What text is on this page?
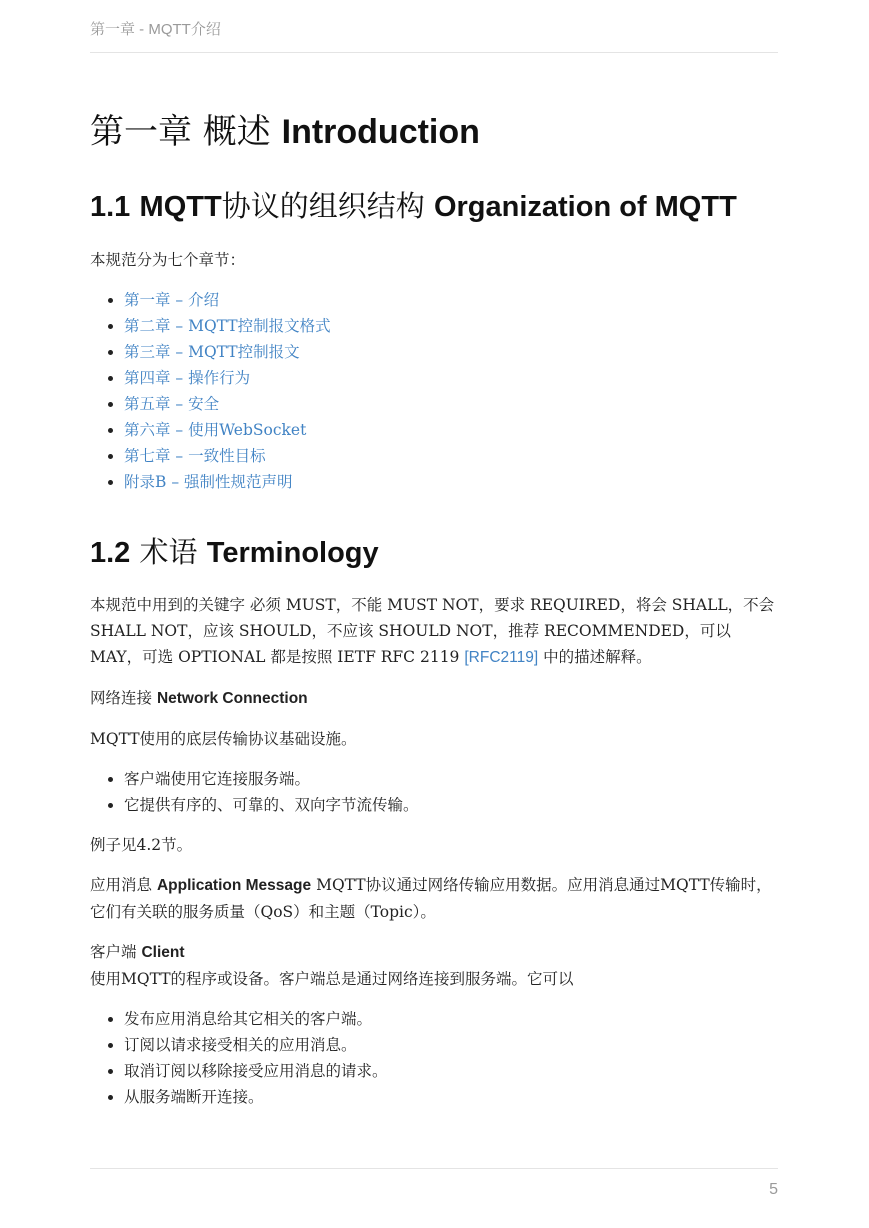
第一章 - MQTT介绍
第一章 概述 Introduction
1.1 MQTT协议的组织结构 Organization of MQTT

本规范分为七个章节：

• 第一章 – 介绍
• 第二章 – MQTT控制报文格式
• 第三章 – MQTT控制报文
• 第四章 – 操作行为
• 第五章 – 安全
• 第六章 – 使用WebSocket
• 第七章 – 一致性目标
• 附录B – 强制性规范声明
1.2 术语 Terminology

本规范中用到的关键字 必须 MUST，不能 MUST NOT，要求 REQUIRED，将会 SHALL，不会 SHALL NOT，应该 SHOULD，不应该 SHOULD NOT，推荐 RECOMMENDED，可以 MAY，可选 OPTIONAL 都是按照 IETF RFC 2119 [RFC2119] 中的描述解释。

网络连接 Network Connection

MQTT使用的底层传输协议基础设施。

• 客户端使用它连接服务端。
• 它提供有序的、可靠的、双向字节流传输。

例子见4.2节。

应用消息 Application Message MQTT协议通过网络传输应用数据。应用消息通过MQTT传输时，它们有关联的服务质量（QoS）和主题（Topic）。

客户端 Client
使用MQTT的程序或设备。客户端总是通过网络连接到服务端。它可以
• 发布应用消息给其它相关的客户端。
• 订阅以请求接受相关的应用消息。
• 取消订阅以移除接受应用消息的请求。
• 从服务端断开连接。
5
